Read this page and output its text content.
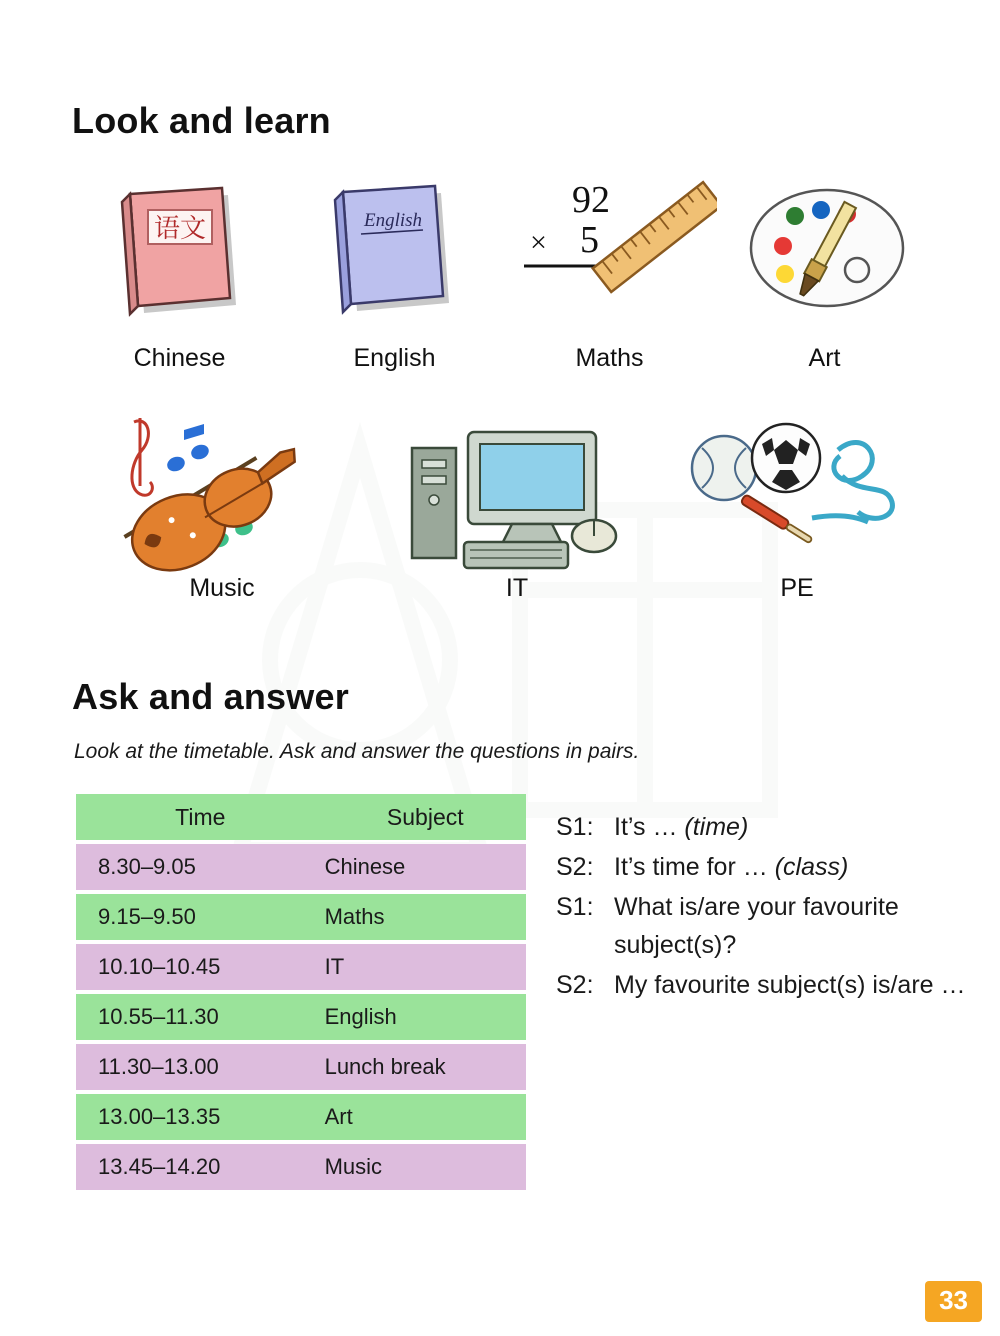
Look and learn
语文
Chinese
English
English
92
× 5
Maths	Art
Music	IT	PE
Ask and answer
Look at the timetable. Ask and answer the questions in pairs.
Time	Subject
8.30–9.05	Chinese
9.15–9.50	Maths
10.10–10.45	IT
10.55–11.30	English
11.30–13.00	Lunch break
13.00–13.35	Art
13.45–14.20	Music
S1: It’s … (time)
S2: It’s time for … (class)
S1: What is/are your favourite subject(s)?
S2: My favourite subject(s) is/are …
33
